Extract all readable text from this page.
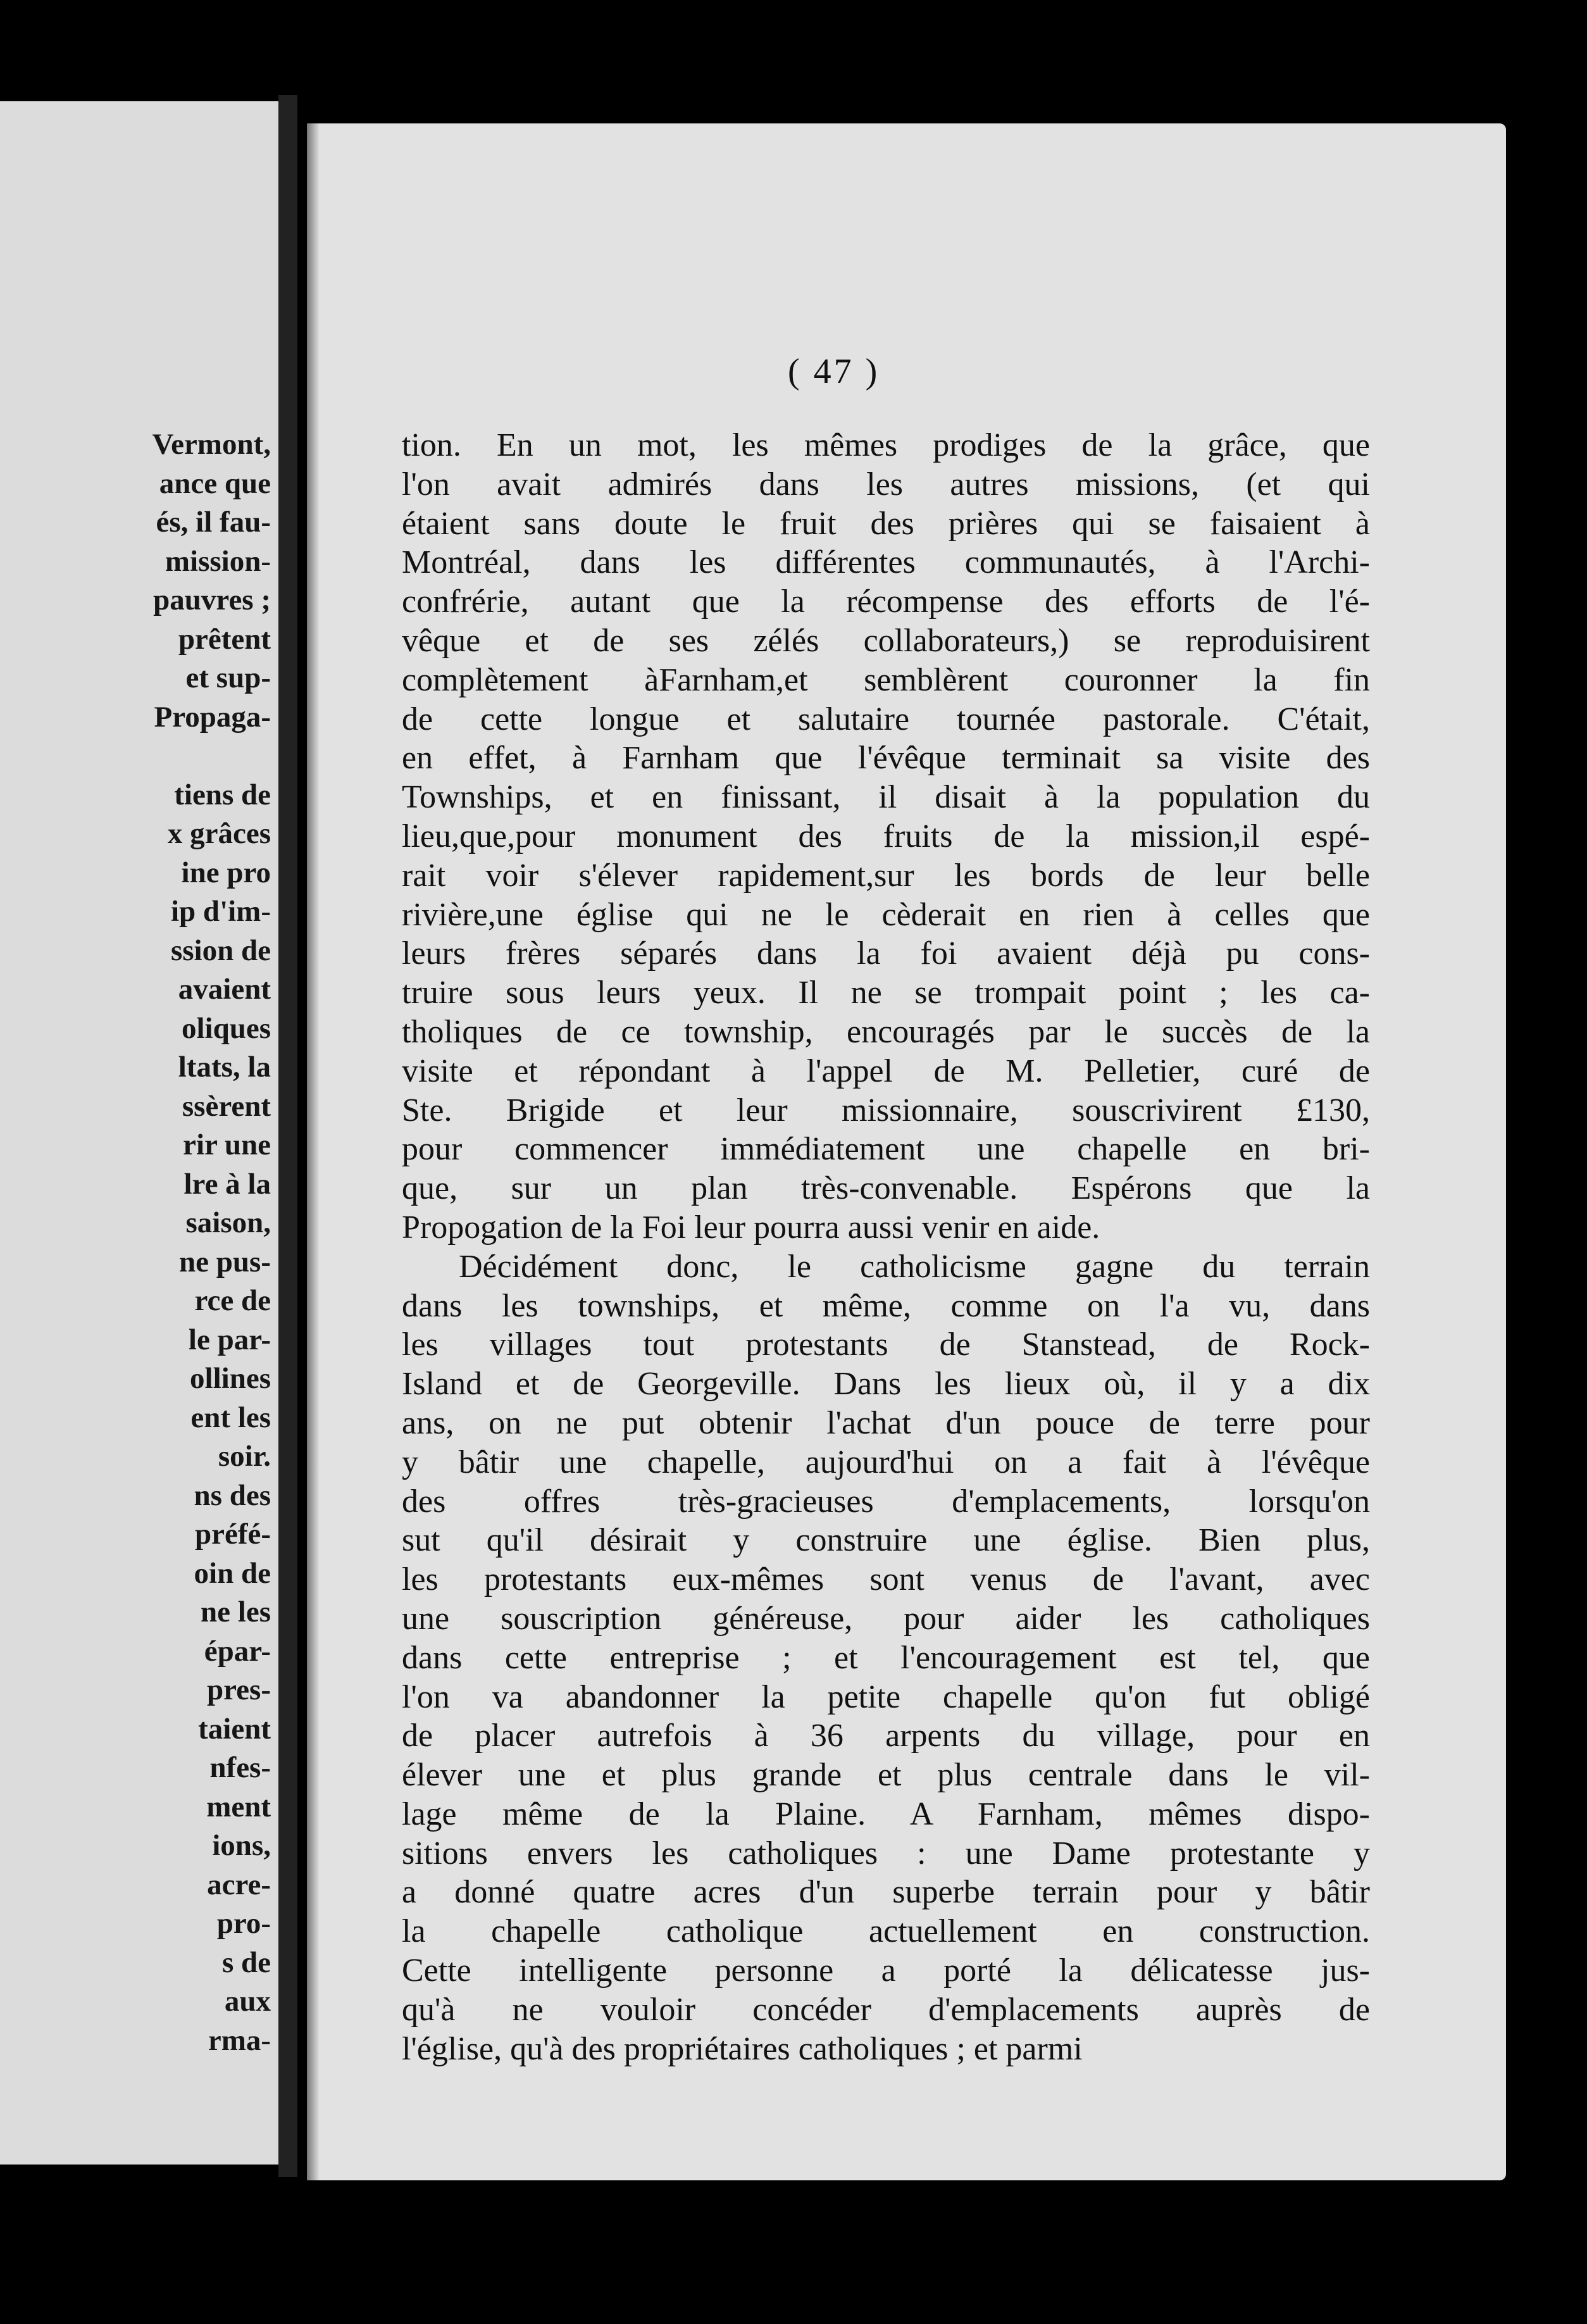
Vermont,
ance que
és, il fau-
mission-
pauvres ;
prêtent
et sup-
Propaga-
tiens de
x grâces
ine pro
ip d'im-
ssion de
avaient
oliques
ltats, la
ssèrent
rir une
lre à la
saison,
ne pus-
rce de
le par-
ollines
ent les
soir.
ns des
préfé-
oin de
ne les
épar-
pres-
taient
nfes-
ment
ions,
acre-
pro-
s de
aux
rma-
( 47 )
tion. En un mot, les mêmes prodiges de la grâce, que
l'on avait admirés dans les autres missions, (et qui
étaient sans doute le fruit des prières qui se faisaient à
Montréal, dans les différentes communautés, à l'Archi-
confrérie, autant que la récompense des efforts de l'é-
vêque et de ses zélés collaborateurs,) se reproduisirent
complètement àFarnham,et semblèrent couronner la fin
de cette longue et salutaire tournée pastorale. C'était,
en effet, à Farnham que l'évêque terminait sa visite des
Townships, et en finissant, il disait à la population du
lieu,que,pour monument des fruits de la mission,il espé-
rait voir s'élever rapidement,sur les bords de leur belle
rivière,une église qui ne le cèderait en rien à celles que
leurs frères séparés dans la foi avaient déjà pu cons-
truire sous leurs yeux. Il ne se trompait point ; les ca-
tholiques de ce township, encouragés par le succès de la
visite et répondant à l'appel de M. Pelletier, curé de
Ste. Brigide et leur missionnaire, souscrivirent £130,
pour commencer immédiatement une chapelle en bri-
que, sur un plan très-convenable. Espérons que la
Propogation de la Foi leur pourra aussi venir en aide.
Décidément donc, le catholicisme gagne du terrain
dans les townships, et même, comme on l'a vu, dans
les villages tout protestants de Stanstead, de Rock-
Island et de Georgeville. Dans les lieux où, il y a dix
ans, on ne put obtenir l'achat d'un pouce de terre pour
y bâtir une chapelle, aujourd'hui on a fait à l'évêque
des offres très-gracieuses d'emplacements, lorsqu'on
sut qu'il désirait y construire une église. Bien plus,
les protestants eux-mêmes sont venus de l'avant, avec
une souscription généreuse, pour aider les catholiques
dans cette entreprise ; et l'encouragement est tel, que
l'on va abandonner la petite chapelle qu'on fut obligé
de placer autrefois à 36 arpents du village, pour en
élever une et plus grande et plus centrale dans le vil-
lage même de la Plaine. A Farnham, mêmes dispo-
sitions envers les catholiques : une Dame protestante y
a donné quatre acres d'un superbe terrain pour y bâtir
la chapelle catholique actuellement en construction.
Cette intelligente personne a porté la délicatesse jus-
qu'à ne vouloir concéder d'emplacements auprès de
l'église, qu'à des propriétaires catholiques ; et parmi
